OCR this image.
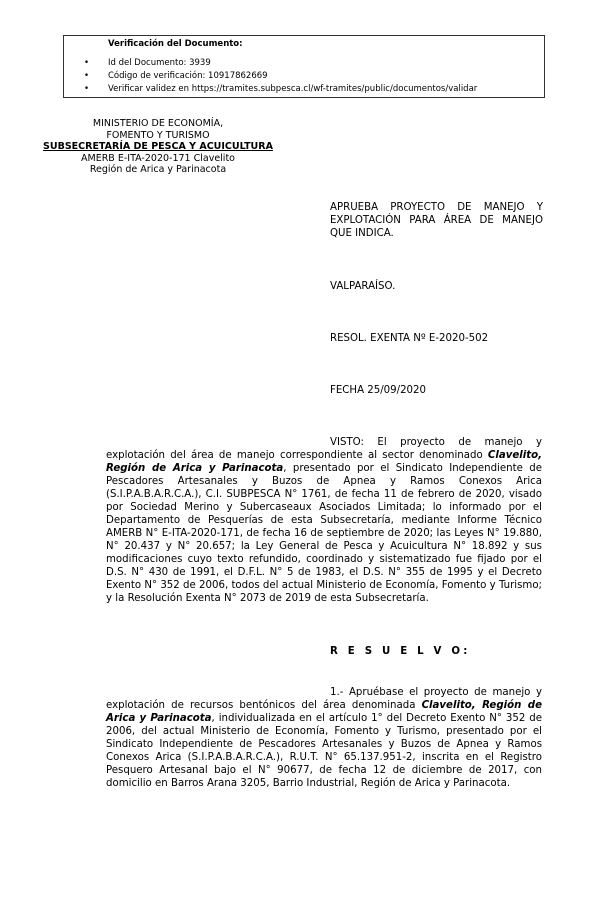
Verificación del Documento:
• Id del Documento: 3939
• Código de verificación: 10917862669
• Verificar validez en https://tramites.subpesca.cl/wf-tramites/public/documentos/validar
MINISTERIO DE ECONOMÍA,
FOMENTO Y TURISMO
SUBSECRETARÍA DE PESCA Y ACUICULTURA
AMERB E-ITA-2020-171 Clavelito
Región de Arica y Parinacota
APRUEBA PROYECTO DE MANEJO Y EXPLOTACIÓN PARA ÁREA DE MANEJO QUE INDICA.
VALPARAÍSO.
RESOL. EXENTA Nº E-2020-502
FECHA 25/09/2020
VISTO: El proyecto de manejo y explotación del área de manejo correspondiente al sector denominado Clavelito, Región de Arica y Parinacota, presentado por el Sindicato Independiente de Pescadores Artesanales y Buzos de Apnea y Ramos Conexos Arica (S.I.P.A.B.A.R.C.A.), C.I. SUBPESCA N° 1761, de fecha 11 de febrero de 2020, visado por Sociedad Merino y Subercaseaux Asociados Limitada; lo informado por el Departamento de Pesquerías de esta Subsecretaría, mediante Informe Técnico AMERB N° E-ITA-2020-171, de fecha 16 de septiembre de 2020; las Leyes N° 19.880, N° 20.437 y N° 20.657; la Ley General de Pesca y Acuicultura N° 18.892 y sus modificaciones cuyo texto refundido, coordinado y sistematizado fue fijado por el D.S. N° 430 de 1991, el D.F.L. N° 5 de 1983, el D.S. N° 355 de 1995 y el Decreto Exento N° 352 de 2006, todos del actual Ministerio de Economía, Fomento y Turismo; y la Resolución Exenta N° 2073 de 2019 de esta Subsecretaría.
R E S U E L V O:
1.- Apruébase el proyecto de manejo y explotación de recursos bentónicos del área denominada Clavelito, Región de Arica y Parinacota, individualizada en el artículo 1° del Decreto Exento N° 352 de 2006, del actual Ministerio de Economía, Fomento y Turismo, presentado por el Sindicato Independiente de Pescadores Artesanales y Buzos de Apnea y Ramos Conexos Arica (S.I.P.A.B.A.R.C.A.), R.U.T. N° 65.137.951-2, inscrita en el Registro Pesquero Artesanal bajo el N° 90677, de fecha 12 de diciembre de 2017, con domicilio en Barros Arana 3205, Barrio Industrial, Región de Arica y Parinacota.
